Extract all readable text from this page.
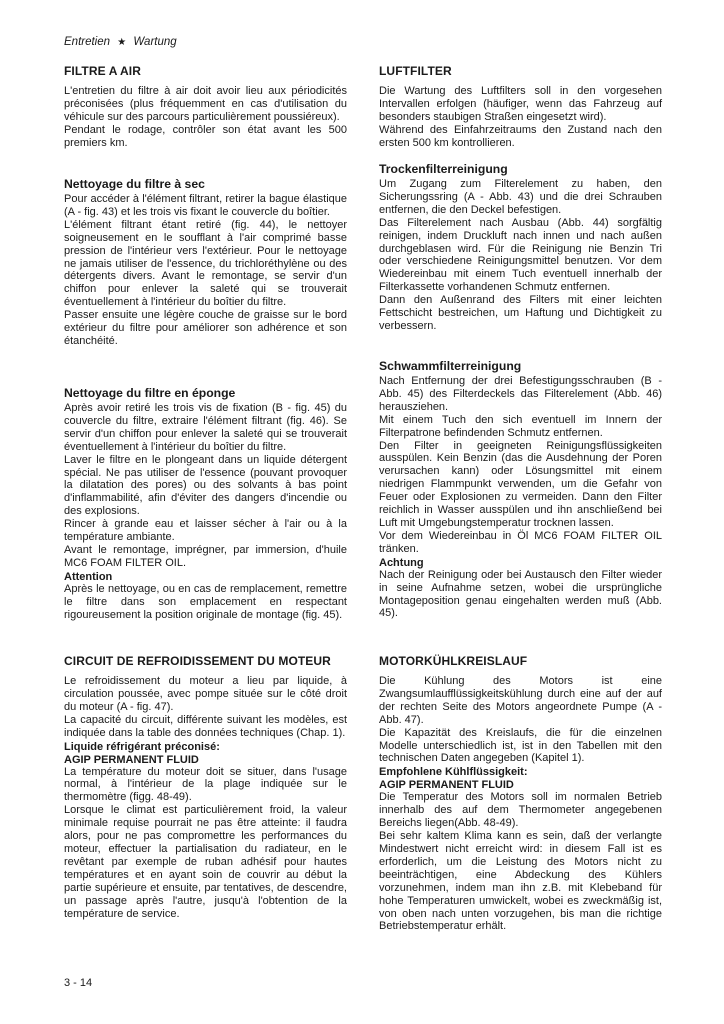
Entretien ★ Wartung
FILTRE A AIR

L'entretien du filtre à air doit avoir lieu aux périodicités préconisées (plus fréquemment en cas d'utilisation du véhicule sur des parcours particulièrement poussiéreux).

Pendant le rodage, contrôler son état avant les 500 premiers km.

Nettoyage du filtre à sec

Pour accéder à l'élément filtrant, retirer la bague élastique (A - fig. 43) et les trois vis fixant le couvercle du boîtier.

L'élément filtrant étant retiré (fig. 44), le nettoyer soigneusement en le soufflant à l'air comprimé basse pression de l'intérieur vers l'extérieur. Pour le nettoyage ne jamais utiliser de l'essence, du trichloréthylène ou des détergents divers. Avant le remontage, se servir d'un chiffon pour enlever la saleté qui se trouverait éventuellement à l'intérieur du boîtier du filtre.

Passer ensuite une légère couche de graisse sur le bord extérieur du filtre pour améliorer son adhérence et son étanchéité.

Nettoyage du filtre en éponge

Après avoir retiré les trois vis de fixation (B - fig. 45) du couvercle du filtre, extraire l'élément filtrant (fig. 46). Se servir d'un chiffon pour enlever la saleté qui se trouverait éventuellement à l'intérieur du boîtier du filtre.

Laver le filtre en le plongeant dans un liquide détergent spécial. Ne pas utiliser de l'essence (pouvant provoquer la dilatation des pores) ou des solvants à bas point d'inflammabilité, afin d'éviter des dangers d'incendie ou des explosions.

Rincer à grande eau et laisser sécher à l'air ou à la température ambiante.

Avant le remontage, imprégner, par immersion, d'huile MC6 FOAM FILTER OIL.

Attention

Après le nettoyage, ou en cas de remplacement, remettre le filtre dans son emplacement en respectant rigoureusement la position originale de montage (fig. 45).

CIRCUIT DE REFROIDISSEMENT DU MOTEUR

Le refroidissement du moteur a lieu par liquide, à circulation poussée, avec pompe située sur le côté droit du moteur (A - fig. 47).

La capacité du circuit, différente suivant les modèles, est indiquée dans la table des données techniques (Chap. 1).

Liquide réfrigérant préconisé:
AGIP PERMANENT FLUID

La température du moteur doit se situer, dans l'usage normal, à l'intérieur de la plage indiquée sur le thermomètre (figg. 48-49).

Lorsque le climat est particulièrement froid, la valeur minimale requise pourrait ne pas être atteinte: il faudra alors, pour ne pas compromettre les performances du moteur, effectuer la partialisation du radiateur, en le revêtant par exemple de ruban adhésif pour hautes températures et en ayant soin de couvrir au début la partie supérieure et ensuite, par tentatives, de descendre, un passage après l'autre, jusqu'à l'obtention de la température de service.

LUFTFILTER

Die Wartung des Luftfilters soll in den vorgesehen Intervallen erfolgen (häufiger, wenn das Fahrzeug auf besonders staubigen Straßen eingesetzt wird).

Während des Einfahrzeitraums den Zustand nach den ersten 500 km kontrollieren.

Trockenfilterreinigung

Um Zugang zum Filterelement zu haben, den Sicherungssring (A - Abb. 43) und die drei Schrauben entfernen, die den Deckel befestigen.

Das Filterelement nach Ausbau (Abb. 44) sorgfältig reinigen, indem Druckluft nach innen und nach außen durchgeblasen wird. Für die Reinigung nie Benzin Tri oder verschiedene Reinigungsmittel benutzen. Vor dem Wiedereinbau mit einem Tuch eventuell innerhalb der Filterkassette vorhandenen Schmutz entfernen.

Dann den Außenrand des Filters mit einer leichten Fettschicht bestreichen, um Haftung und Dichtigkeit zu verbessern.

Schwammfilterreinigung

Nach Entfernung der drei Befestigungsschrauben (B - Abb. 45) des Filterdeckels das Filterelement (Abb. 46) herausziehen.

Mit einem Tuch den sich eventuell im Innern der Filterpatrone befindenden Schmutz entfernen.

Den Filter in geeigneten Reinigungsflüssigkeiten ausspülen. Kein Benzin (das die Ausdehnung der Poren verursachen kann) oder Lösungsmittel mit einem niedrigen Flammpunkt verwenden, um die Gefahr von Feuer oder Explosionen zu vermeiden. Dann den Filter reichlich in Wasser ausspülen und ihn anschließend bei Luft mit Umgebungstemperatur trocknen lassen.

Vor dem Wiedereinbau in Öl MC6 FOAM FILTER OIL tränken.

Achtung

Nach der Reinigung oder bei Austausch den Filter wieder in seine Aufnahme setzen, wobei die ursprüngliche Montageposition genau eingehalten werden muß (Abb. 45).

MOTORKÜHLKREISLAUF

Die Kühlung des Motors ist eine Zwangsumlaufflüssigkeitskühlung durch eine auf der auf der rechten Seite des Motors angeordnete Pumpe (A - Abb. 47).

Die Kapazität des Kreislaufs, die für die einzelnen Modelle unterschiedlich ist, ist in den Tabellen mit den technischen Daten angegeben (Kapitel 1).

Empfohlene Kühlflüssigkeit:
AGIP PERMANENT FLUID

Die Temperatur des Motors soll im normalen Betrieb innerhalb des auf dem Thermometer angegebenen Bereichs liegen(Abb. 48-49).

Bei sehr kaltem Klima kann es sein, daß der verlangte Mindestwert nicht erreicht wird: in diesem Fall ist es erforderlich, um die Leistung des Motors nicht zu beeinträchtigen, eine Abdeckung des Kühlers vorzunehmen, indem man ihn z.B. mit Klebeband für hohe Temperaturen umwickelt, wobei es zweckmäßig ist, von oben nach unten vorzugehen, bis man die richtige Betriebstemperatur erhält.

3 - 14
